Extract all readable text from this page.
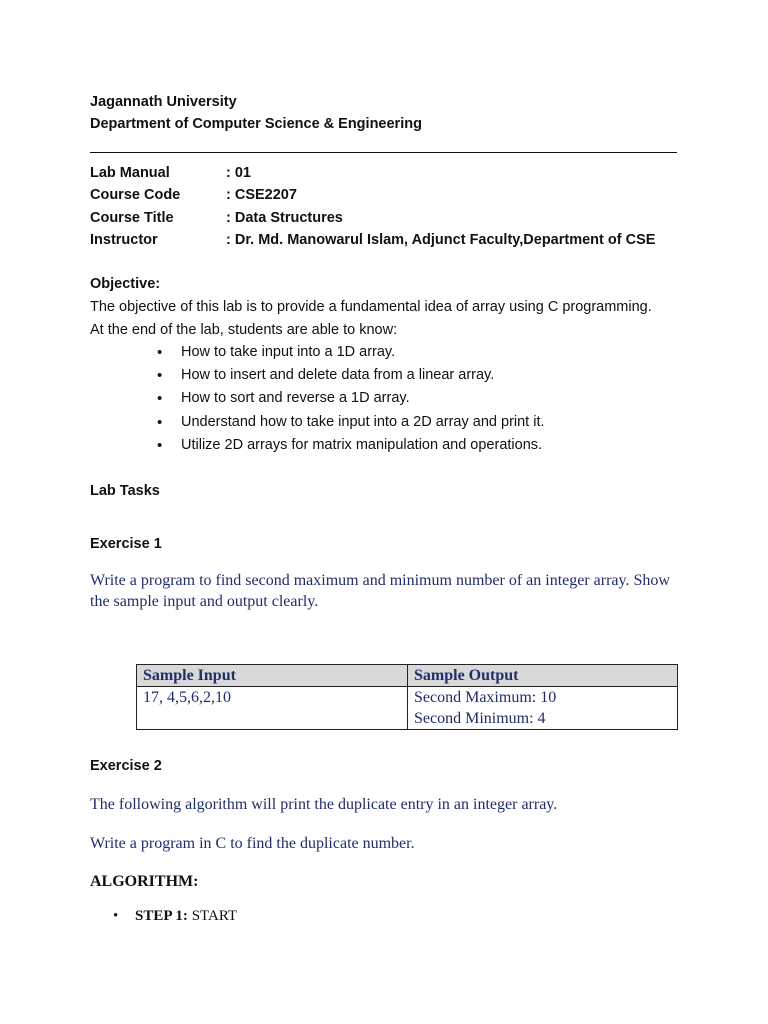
Jagannath University
Department of Computer Science & Engineering
Lab Manual	: 01
Course Code	: CSE2207
Course Title	: Data Structures
Instructor	: Dr. Md. Manowarul Islam, Adjunct Faculty,Department of CSE
Objective:
The objective of this lab is to provide a fundamental idea of array using C programming.
At the end of the lab, students are able to know:
• How to take input into a 1D array.
• How to insert and delete data from a linear array.
• How to sort and reverse a 1D array.
• Understand how to take input into a 2D array and print it.
• Utilize 2D arrays for matrix manipulation and operations.
Lab Tasks
Exercise 1
Write a program to find second maximum and minimum number of an integer array. Show
the sample input and output clearly.
Sample Input	Sample Output
17, 4,5,6,2,10	Second Maximum: 10
Second Minimum: 4
Exercise 2
The following algorithm will print the duplicate entry in an integer array.
Write a program in C to find the duplicate number.
ALGORITHM:
• STEP 1: START
